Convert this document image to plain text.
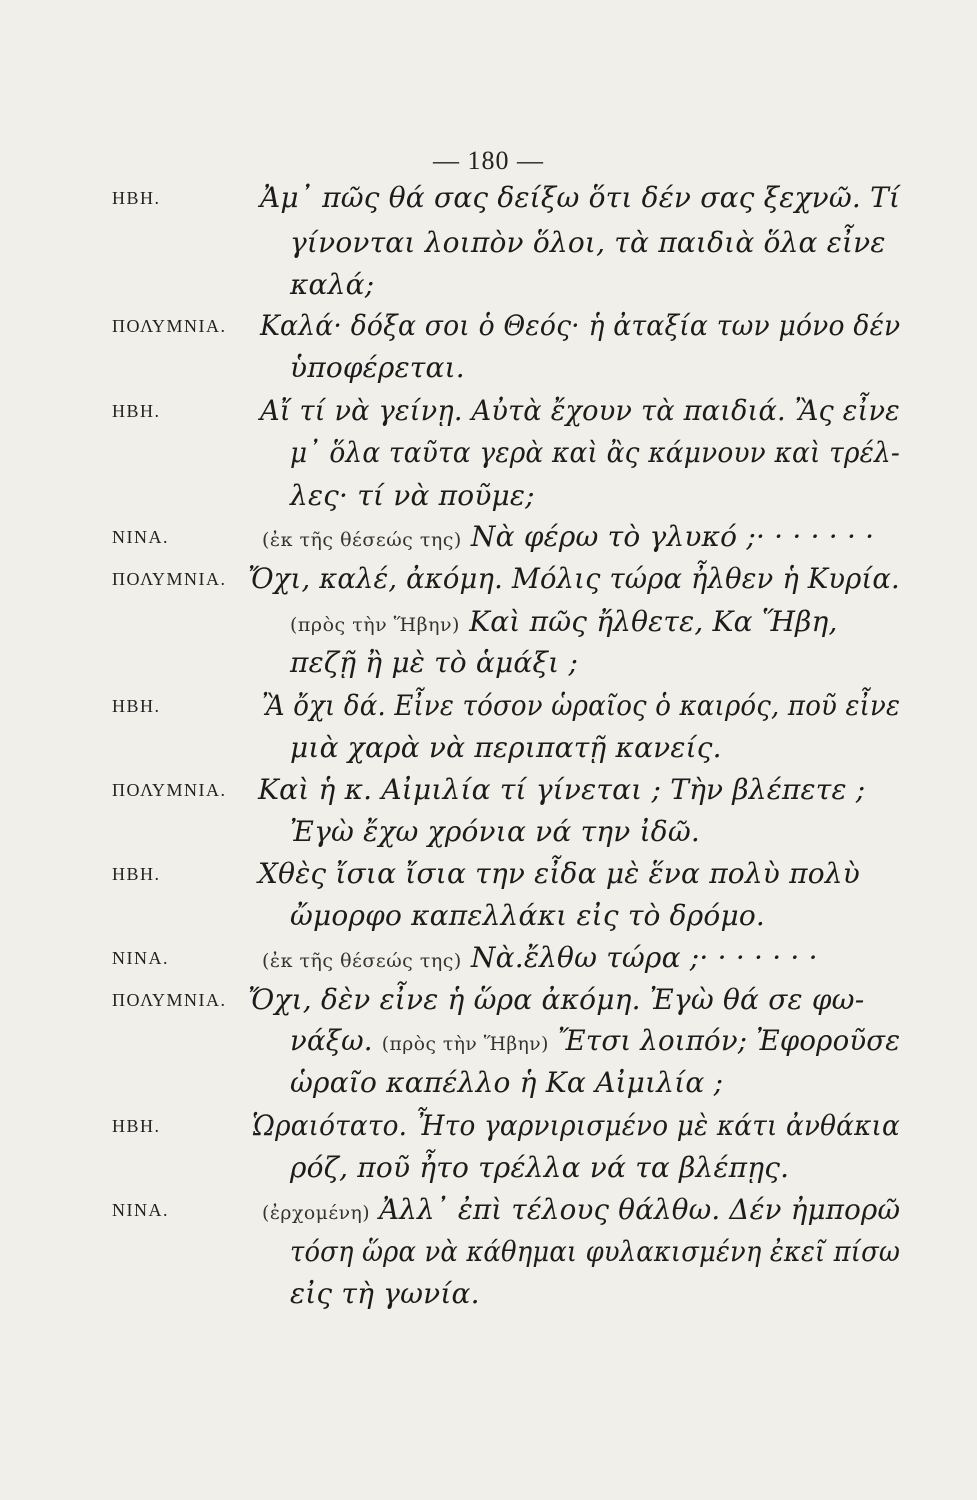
— 180 —
ΗΒΗ.	Ἀμ᾽ πῶς θά σας δείξω ὅτι δέν σας ξεχνῶ. Τί
γίνονται λοιπὸν ὅλοι, τὰ παιδιὰ ὅλα εἶνε
καλά;
ΠΟΛΥΜΝΙΑ. Καλά· δόξα σοι ὁ Θεός· ἡ ἀταξία των μόνο δέν
ὑποφέρεται.
ΗΒΗ.	Αἴ τί νὰ γείνῃ. Αὐτὰ ἔχουν τὰ παιδιά. Ἂς εἶνε
μ᾽ ὅλα ταῦτα γερὰ καὶ ἂς κάμνουν καὶ τρέλ-
λες· τί νὰ ποῦμε;
ΝΙΝΑ.	(ἐκ τῆς θέσεώς της) Νὰ φέρω τὸ γλυκό ;· · · · · · ·
ΠΟΛΥΜΝΙΑ. Ὄχι, καλέ, ἀκόμη. Μόλις τώρα ἦλθεν ἡ Κυρία.
(πρὸς τὴν Ἥβην) Καὶ πῶς ἤλθετε, Κα Ἥβη,
πεζῇ ἢ μὲ τὸ ἁμάξι ;
ΗΒΗ.	Ἂ ὄχι δά. Εἶνε τόσον ὡραῖος ὁ καιρός, ποῦ εἶνε
μιὰ χαρὰ νὰ περιπατῇ κανείς.
ΠΟΛΥΜΝΙΑ. Καὶ ἡ κ. Αἰμιλία τί γίνεται ; Τὴν βλέπετε ;
Ἐγὼ ἔχω χρόνια νά την ἰδῶ.
ΗΒΗ.	Χθὲς ἴσια ἴσια την εἶδα μὲ ἕνα πολὺ πολὺ
ὤμορφο καπελλάκι εἰς τὸ δρόμο.
ΝΙΝΑ.	(ἐκ τῆς θέσεώς της) Νὰ.ἔλθω τώρα ;· · · · · · ·
ΠΟΛΥΜΝΙΑ. Ὄχι, δὲν εἶνε ἡ ὥρα ἀκόμη. Ἐγὼ θά σε φω-
νάξω. (πρὸς τὴν Ἥβην) Ἔτσι λοιπόν; Ἐφοροῦσε
ὡραῖο καπέλλο ἡ Κα Αἰμιλία ;
ΗΒΗ.	Ὡραιότατο. Ἦτο γαρνιρισμένο μὲ κάτι ἀνθάκια
ρόζ, ποῦ ἦτο τρέλλα νά τα βλέπῃς.
ΝΙΝΑ.	(ἐρχομένη) Ἀλλ᾽ ἐπὶ τέλους θάλθω. Δέν ἠμπορῶ
τόση ὥρα νὰ κάθημαι φυλακισμένη ἐκεῖ πίσω
εἰς τὴ γωνία.
